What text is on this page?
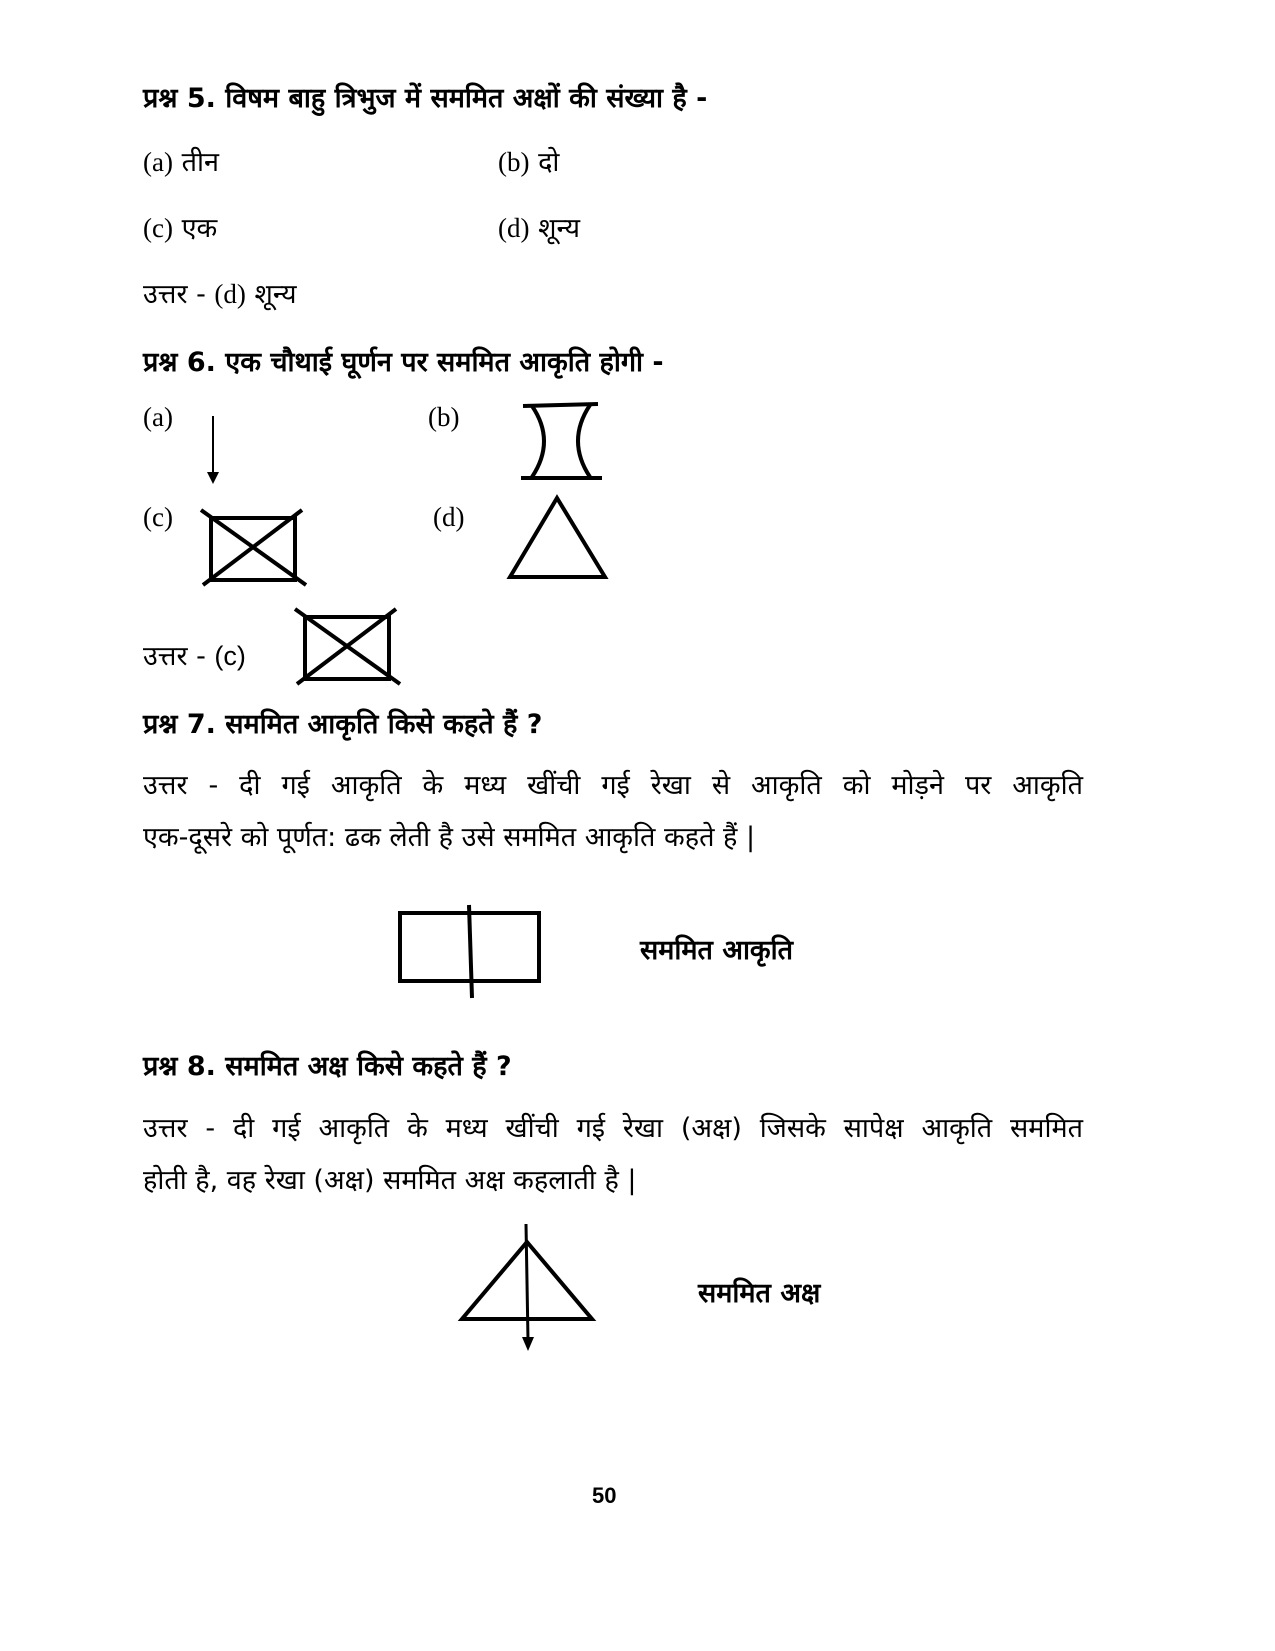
प्रश्न 5. विषम बाहु त्रिभुज में सममित अक्षों की संख्या है -
(a) तीन	(b) दो
(c) एक	(d) शून्य
उत्तर - (d) शून्य
प्रश्न 6. एक चौथाई घूर्णन पर सममित आकृति होगी -
(a)	(b)
(c)	(d)
उत्तर - (c)
प्रश्न 7. सममित आकृति किसे कहते हैं ?
उत्तर - दी गई आकृति के मध्य खींची गई रेखा से आकृति को मोड़ने पर आकृति
एक-दूसरे को पूर्णत: ढक लेती है उसे सममित आकृति कहते हैं |
सममित आकृति
प्रश्न 8. सममित अक्ष किसे कहते हैं ?
उत्तर - दी गई आकृति के मध्य खींची गई रेखा (अक्ष) जिसके सापेक्ष आकृति सममित
होती है, वह रेखा (अक्ष) सममित अक्ष कहलाती है |
सममित अक्ष
50
